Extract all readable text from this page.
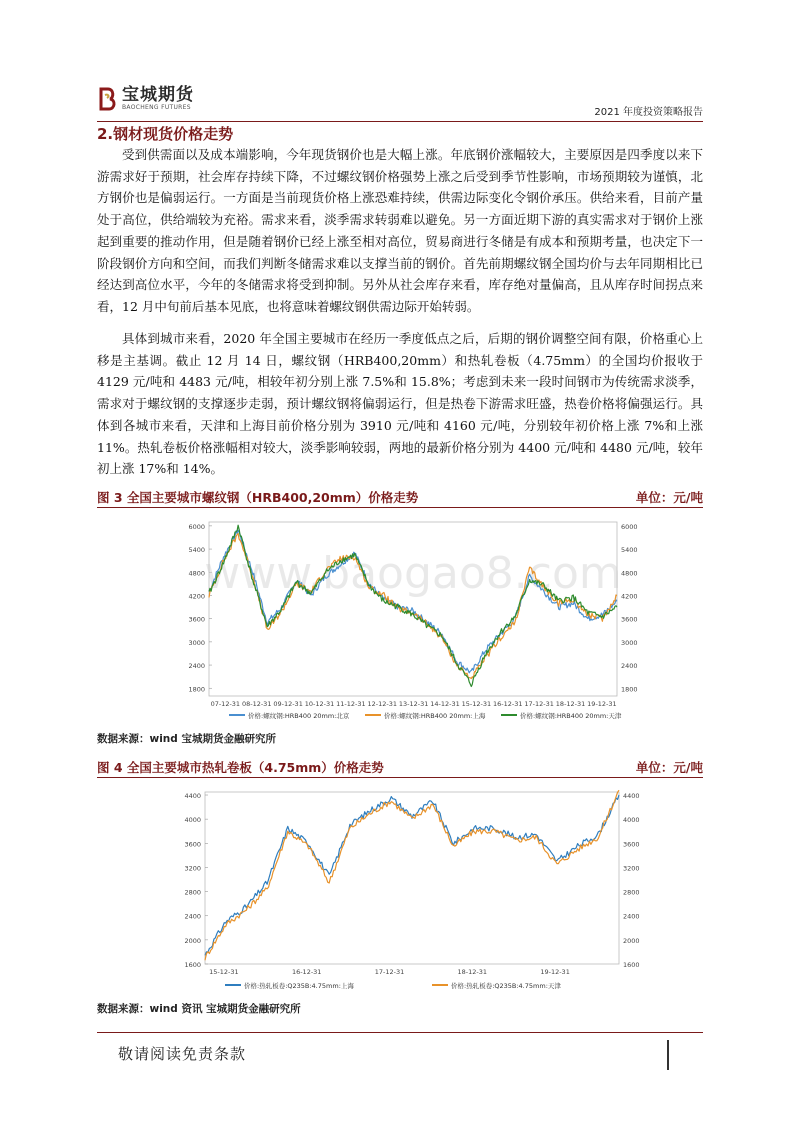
宝城期货
BAOCHENG FUTURES	2021 年度投资策略报告
2.钢材现货价格走势

受到供需面以及成本端影响，今年现货钢价也是大幅上涨。年底钢价涨幅较大，主要原因是四季度以来下游需求好于预期，社会库存持续下降，不过螺纹钢价格强势上涨之后受到季节性影响，市场预期较为谨慎，北方钢价也是偏弱运行。一方面是当前现货价格上涨恐难持续，供需边际变化令钢价承压。供给来看，目前产量处于高位，供给端较为充裕。需求来看，淡季需求转弱难以避免。另一方面近期下游的真实需求对于钢价上涨起到重要的推动作用，但是随着钢价已经上涨至相对高位，贸易商进行冬储是有成本和预期考量，也决定下一阶段钢价方向和空间，而我们判断冬储需求难以支撑当前的钢价。首先前期螺纹钢全国均价与去年同期相比已经达到高位水平，今年的冬储需求将受到抑制。另外从社会库存来看，库存绝对量偏高，且从库存时间拐点来看，12 月中旬前后基本见底，也将意味着螺纹钢供需边际开始转弱。

具体到城市来看，2020 年全国主要城市在经历一季度低点之后，后期的钢价调整空间有限，价格重心上移是主基调。截止 12 月 14 日，螺纹钢（HRB400,20mm）和热轧卷板（4.75mm）的全国均价报收于 4129 元/吨和 4483 元/吨，相较年初分别上涨 7.5%和 15.8%；考虑到未来一段时间钢市为传统需求淡季，需求对于螺纹钢的支撑逐步走弱，预计螺纹钢将偏弱运行，但是热卷下游需求旺盛，热卷价格将偏强运行。具体到各城市来看，天津和上海目前价格分别为 3910 元/吨和 4160 元/吨，分别较年初价格上涨 7%和上涨 11%。热轧卷板价格涨幅相对较大，淡季影响较弱，两地的最新价格分别为 4400 元/吨和 4480 元/吨，较年初上涨 17%和 14%。

图 3 全国主要城市螺纹钢（HRB400,20mm）价格走势	单位：元/吨
6000	6000
5400	5400
4800	4800
4200	4200
3600	3600
3000	3000
2400	2400
1800	1800
07-12-31 08-12-31 09-12-31 10-12-31 11-12-31 12-12-31 13-12-31 14-12-31 15-12-31 16-12-31 17-12-31 18-12-31 19-12-31
www.baogao8.com
价格:螺纹钢:HRB400 20mm:北京	价格:螺纹钢:HRB400 20mm:上海	价格:螺纹钢:HRB400 20mm:天津
数据来源：wind 宝城期货金融研究所
图 4 全国主要城市热轧卷板（4.75mm）价格走势	单位：元/吨
4400	4400
4000	4000
3600	3600
3200	3200
2800	2800
2400	2400
2000	2000
1600	1600
15-12-31	16-12-31	17-12-31	18-12-31	19-12-31
价格:热轧板卷:Q235B:4.75mm:上海	价格:热轧板卷:Q235B:4.75mm:天津
数据来源：wind 资讯 宝城期货金融研究所
敬请阅读免责条款
